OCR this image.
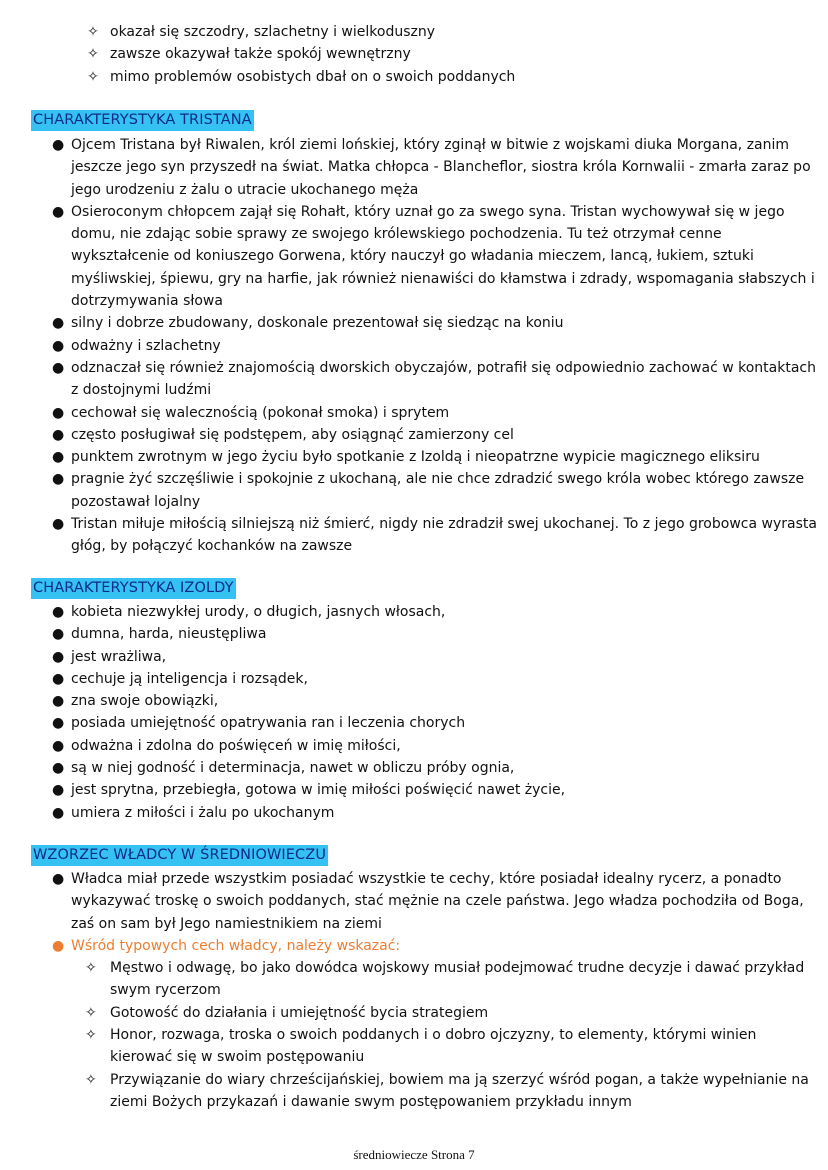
✧ okazał się szczodry, szlachetny i wielkoduszny
✧ zawsze okazywał także spokój wewnętrzny
✧ mimo problemów osobistych dbał on o swoich poddanych
CHARAKTERYSTYKA TRISTANA
● Ojcem Tristana był Riwalen, król ziemi lońskiej, który zginął w bitwie z wojskami diuka Morgana, zanim jeszcze jego syn przyszedł na świat. Matka chłopca - Blancheflor, siostra króla Kornwalii - zmarła zaraz po jego urodzeniu z żalu o utracie ukochanego męża
● Osieroconym chłopcem zajął się Rohałt, który uznał go za swego syna. Tristan wychowywał się w jego domu, nie zdając sobie sprawy ze swojego królewskiego pochodzenia. Tu też otrzymał cenne wykształcenie od koniuszego Gorwena, który nauczył go władania mieczem, lancą, łukiem, sztuki myśliwskiej, śpiewu, gry na harfie, jak również nienawiści do kłamstwa i zdrady, wspomagania słabszych i dotrzymywania słowa
● silny i dobrze zbudowany, doskonale prezentował się siedząc na koniu
● odważny i szlachetny
● odznaczał się również znajomością dworskich obyczajów, potrafił się odpowiednio zachować w kontaktach z dostojnymi ludźmi
● cechował się walecznością (pokonał smoka) i sprytem
● często posługiwał się podstępem, aby osiągnąć zamierzony cel
● punktem zwrotnym w jego życiu było spotkanie z Izoldą i nieopatrzne wypicie magicznego eliksiru
● pragnie żyć szczęśliwie i spokojnie z ukochaną, ale nie chce zdradzić swego króla wobec którego zawsze pozostawał lojalny
● Tristan miłuje miłością silniejszą niż śmierć, nigdy nie zdradził swej ukochanej. To z jego grobowca wyrasta głóg, by połączyć kochanków na zawsze
CHARAKTERYSTYKA IZOLDY
● kobieta niezwykłej urody, o długich, jasnych włosach,
● dumna, harda, nieustępliwa
● jest wrażliwa,
● cechuje ją inteligencja i rozsądek,
● zna swoje obowiązki,
● posiada umiejętność opatrywania ran i leczenia chorych
● odważna i zdolna do poświęceń w imię miłości,
● są w niej godność i determinacja, nawet w obliczu próby ognia,
● jest sprytna, przebiegła, gotowa w imię miłości poświęcić nawet życie,
● umiera z miłości i żalu po ukochanym
WZORZEC WŁADCY W ŚREDNIOWIECZU
● Władca miał przede wszystkim posiadać wszystkie te cechy, które posiadał idealny rycerz, a ponadto wykazywać troskę o swoich poddanych, stać mężnie na czele państwa. Jego władza pochodziła od Boga, zaś on sam był Jego namiestnikiem na ziemi
● Wśród typowych cech władcy, należy wskazać:
✧ Męstwo i odwagę, bo jako dowódca wojskowy musiał podejmować trudne decyzje i dawać przykład swym rycerzom
✧ Gotowość do działania i umiejętność bycia strategiem
✧ Honor, rozwaga, troska o swoich poddanych i o dobro ojczyzny, to elementy, którymi winien kierować się w swoim postępowaniu
✧ Przywiązanie do wiary chrześcijańskiej, bowiem ma ją szerzyć wśród pogan, a także wypełnianie na ziemi Bożych przykazań i dawanie swym postępowaniem przykładu innym
średniowiecze Strona 7
